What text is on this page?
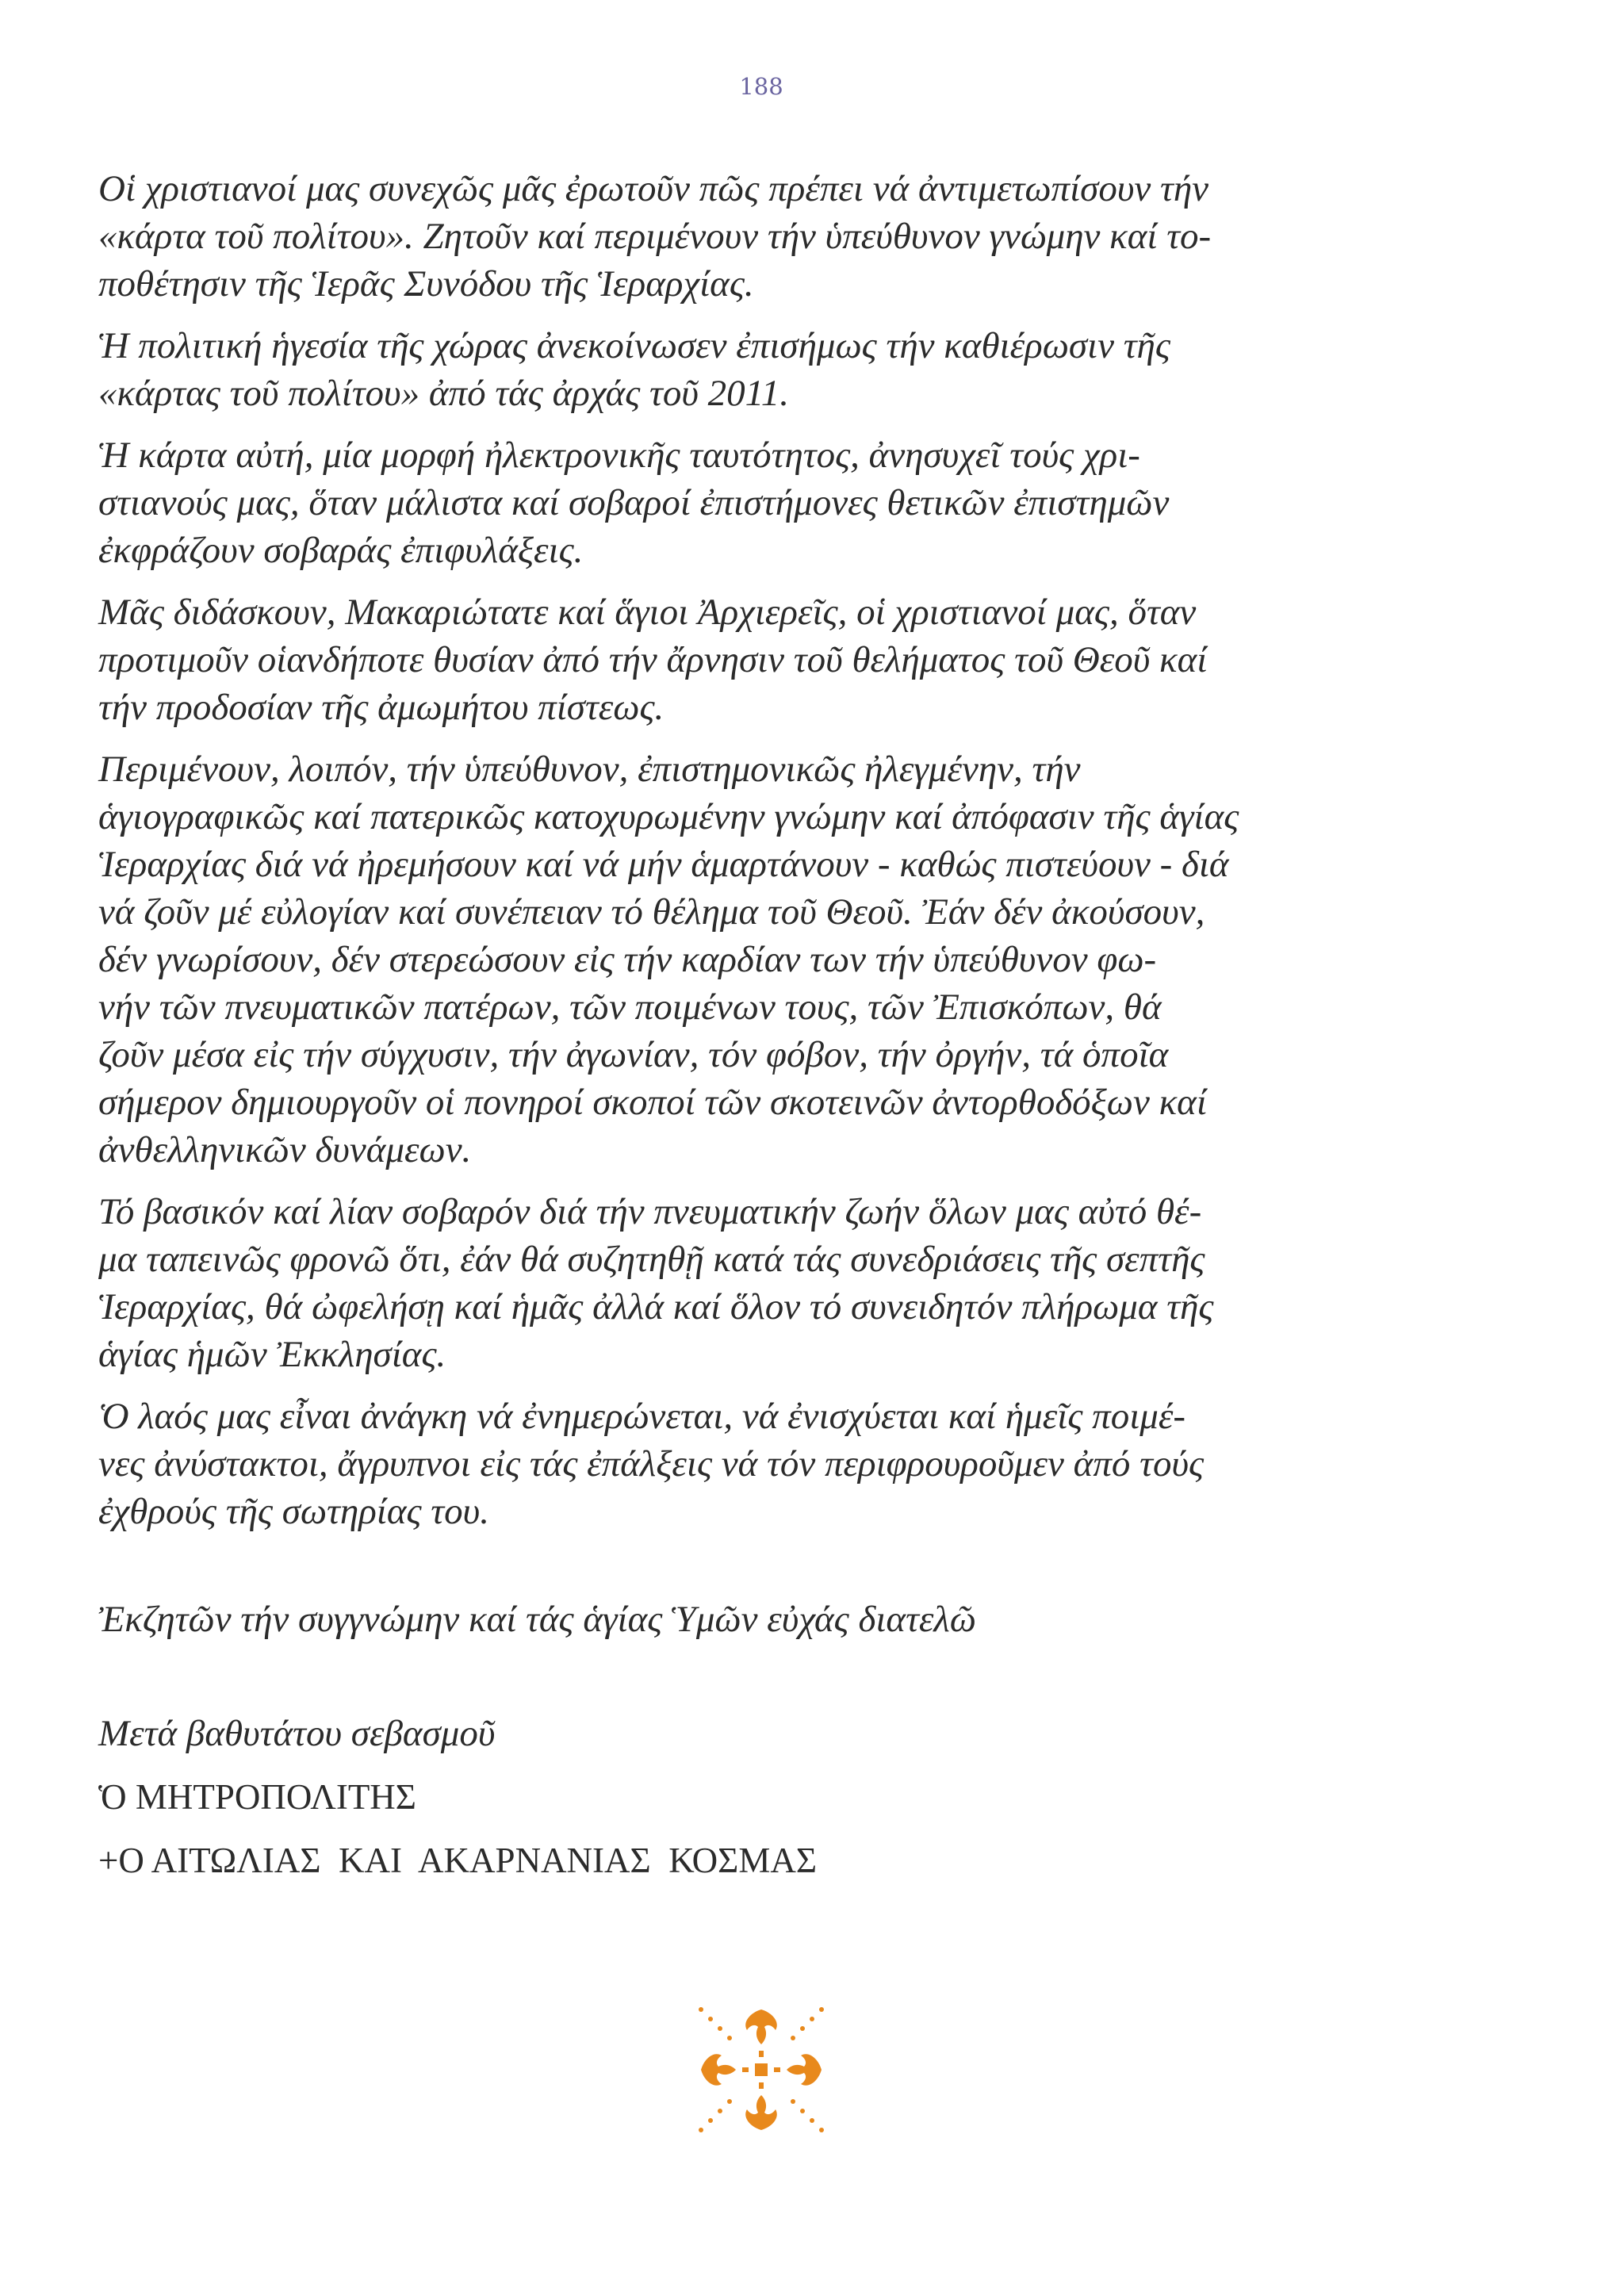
188

Οἱ χριστιανοί μας συνεχῶς μᾶς ἐρωτοῦν πῶς πρέπει νά ἀντιμετωπίσουν τήν
«κάρτα τοῦ πολίτου». Ζητοῦν καί περιμένουν τήν ὑπεύθυνον γνώμην καί το-
ποθέτησιν τῆς Ἱερᾶς Συνόδου τῆς Ἱεραρχίας.

Ἡ πολιτική ἡγεσία τῆς χώρας ἀνεκοίνωσεν ἐπισήμως τήν καθιέρωσιν τῆς
«κάρτας τοῦ πολίτου» ἀπό τάς ἀρχάς τοῦ 2011.

Ἡ κάρτα αὐτή, μία μορφή ἠλεκτρονικῆς ταυτότητος, ἀνησυχεῖ τούς χρι-
στιανούς μας, ὅταν μάλιστα καί σοβαροί ἐπιστήμονες θετικῶν ἐπιστημῶν
ἐκφράζουν σοβαράς ἐπιφυλάξεις.

Μᾶς διδάσκουν, Μακαριώτατε καί ἅγιοι Ἀρχιερεῖς, οἱ χριστιανοί μας, ὅταν
προτιμοῦν οἱανδήποτε θυσίαν ἀπό τήν ἄρνησιν τοῦ θελήματος τοῦ Θεοῦ καί
τήν προδοσίαν τῆς ἀμωμήτου πίστεως.

Περιμένουν, λοιπόν, τήν ὑπεύθυνον, ἐπιστημονικῶς ἠλεγμένην, τήν
ἁγιογραφικῶς καί πατερικῶς κατοχυρωμένην γνώμην καί ἀπόφασιν τῆς ἁγίας
Ἱεραρχίας διά νά ἠρεμήσουν καί νά μήν ἁμαρτάνουν - καθώς πιστεύουν - διά
νά ζοῦν μέ εὐλογίαν καί συνέπειαν τό θέλημα τοῦ Θεοῦ. Ἐάν δέν ἀκούσουν,
δέν γνωρίσουν, δέν στερεώσουν εἰς τήν καρδίαν των τήν ὑπεύθυνον φω-
νήν τῶν πνευματικῶν πατέρων, τῶν ποιμένων τους, τῶν Ἐπισκόπων, θά
ζοῦν μέσα εἰς τήν σύγχυσιν, τήν ἀγωνίαν, τόν φόβον, τήν ὀργήν, τά ὁποῖα
σήμερον δημιουργοῦν οἱ πονηροί σκοποί τῶν σκοτεινῶν ἀντορθοδόξων καί
ἀνθελληνικῶν δυνάμεων.

Τό βασικόν καί λίαν σοβαρόν διά τήν πνευματικήν ζωήν ὅλων μας αὐτό θέ-
μα ταπεινῶς φρονῶ ὅτι, ἐάν θά συζητηθῇ κατά τάς συνεδριάσεις τῆς σεπτῆς
Ἱεραρχίας, θά ὠφελήσῃ καί ἡμᾶς ἀλλά καί ὅλον τό συνειδητόν πλήρωμα τῆς
ἁγίας ἡμῶν Ἐκκλησίας.

Ὁ λαός μας εἶναι ἀνάγκη νά ἐνημερώνεται, νά ἐνισχύεται καί ἡμεῖς ποιμέ-
νες ἀνύστακτοι, ἄγρυπνοι εἰς τάς ἐπάλξεις νά τόν περιφρουροῦμεν ἀπό τούς
ἐχθρούς τῆς σωτηρίας του.

Ἐκζητῶν τήν συγγνώμην καί τάς ἁγίας Ὑμῶν εὐχάς διατελῶ
Μετά βαθυτάτου σεβασμοῦ
Ὁ ΜΗΤΡΟΠΟΛΙΤΗΣ
+Ο ΑΙΤΩΛΙΑΣ  ΚΑΙ  ΑΚΑΡΝΑΝΙΑΣ  ΚΟΣΜΑΣ
